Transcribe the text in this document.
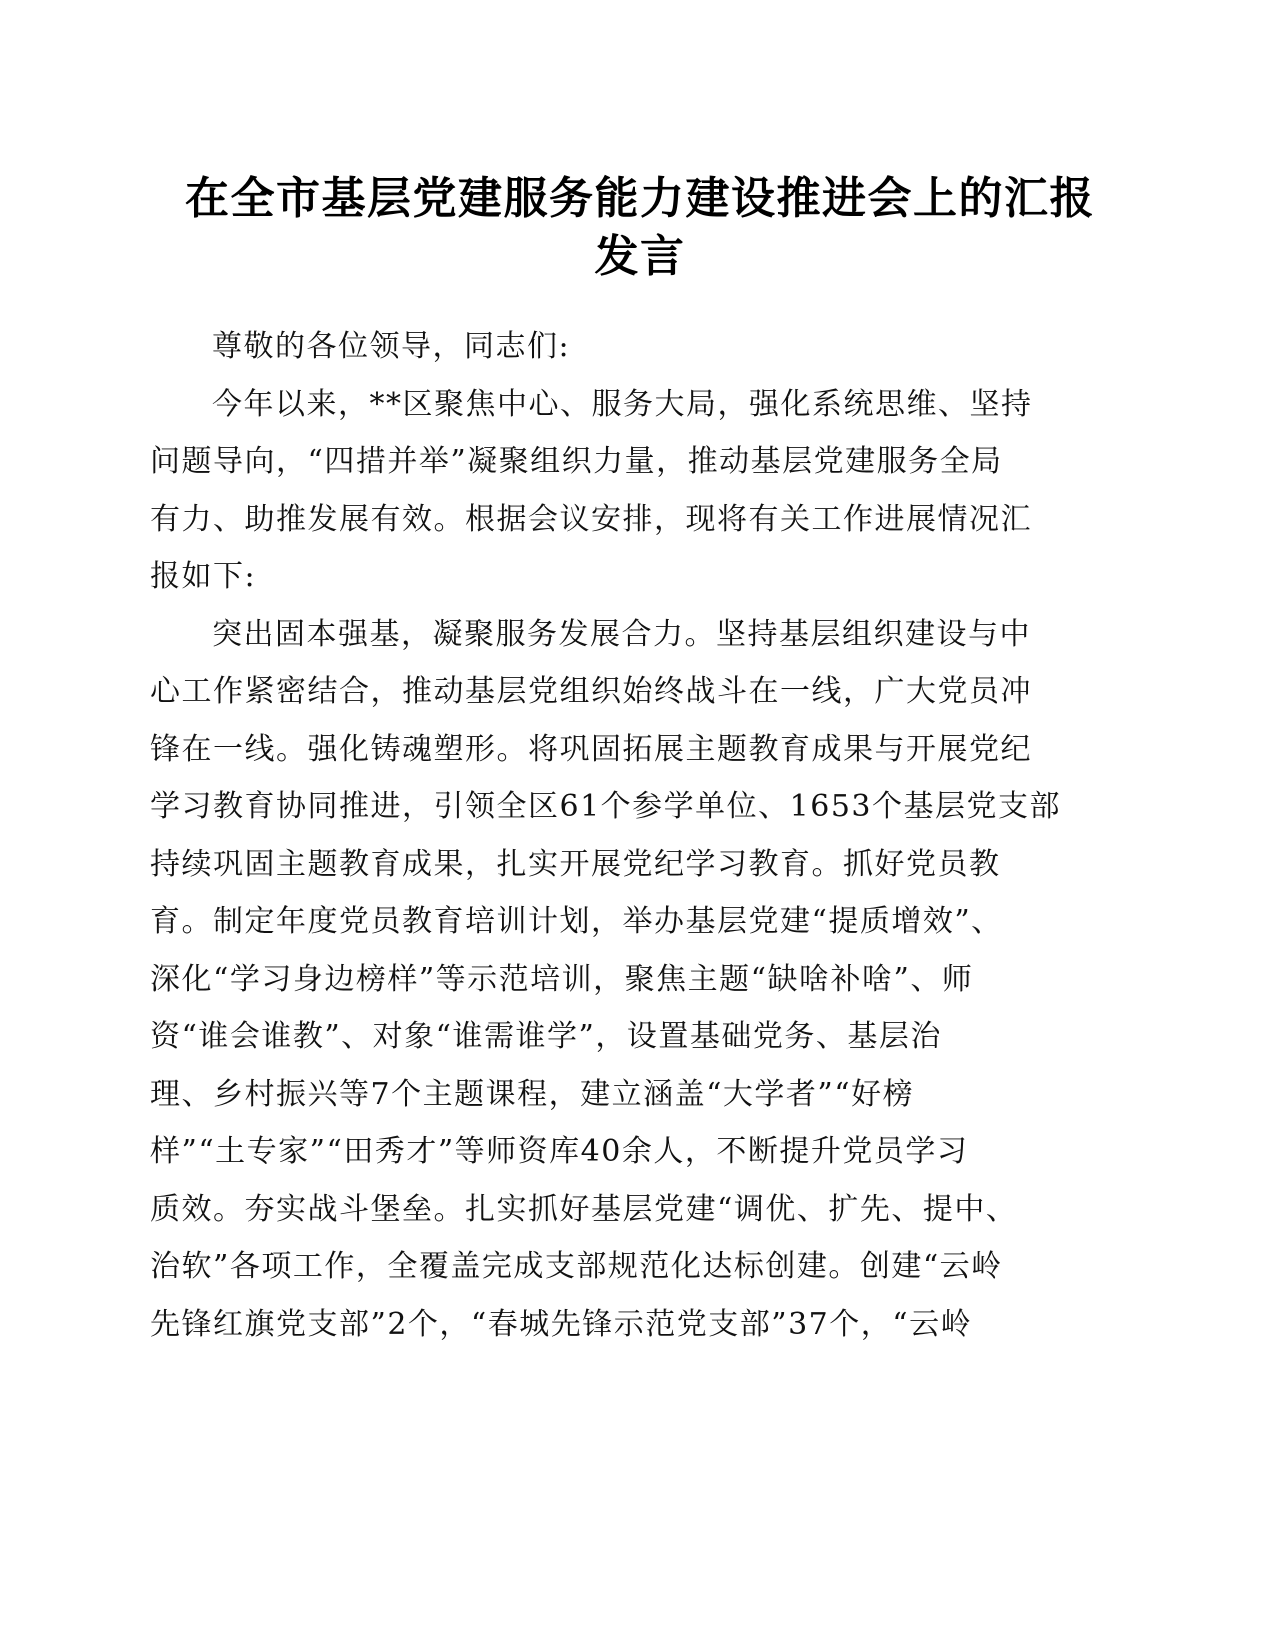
在全市基层党建服务能力建设推进会上的汇报
发言
尊敬的各位领导，同志们:
今年以来，**区聚焦中心、服务大局，强化系统思维、坚持
问题导向，“四措并举”凝聚组织力量，推动基层党建服务全局
有力、助推发展有效。根据会议安排，现将有关工作进展情况汇
报如下:
突出固本强基，凝聚服务发展合力。坚持基层组织建设与中
心工作紧密结合，推动基层党组织始终战斗在一线，广大党员冲
锋在一线。强化铸魂塑形。将巩固拓展主题教育成果与开展党纪
学习教育协同推进，引领全区61个参学单位、1653个基层党支部
持续巩固主题教育成果，扎实开展党纪学习教育。抓好党员教
育。制定年度党员教育培训计划，举办基层党建“提质增效”、
深化“学习身边榜样”等示范培训，聚焦主题“缺啥补啥”、师
资“谁会谁教”、对象“谁需谁学”，设置基础党务、基层治
理、乡村振兴等7个主题课程，建立涵盖“大学者”“好榜
样”“土专家”“田秀才”等师资库40余人，不断提升党员学习
质效。夯实战斗堡垒。扎实抓好基层党建“调优、扩先、提中、
治软”各项工作，全覆盖完成支部规范化达标创建。创建“云岭
先锋红旗党支部”2个，“春城先锋示范党支部”37个，“云岭
